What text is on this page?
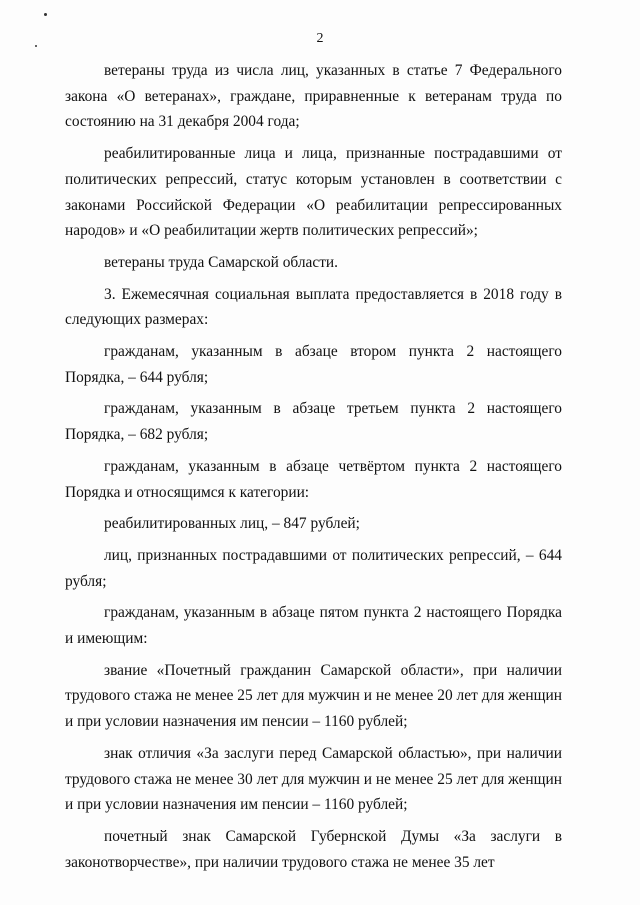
2

ветераны труда из числа лиц, указанных в статье 7 Федерального закона «О ветеранах», граждане, приравненные к ветеранам труда по состоянию на 31 декабря 2004 года;

реабилитированные лица и лица, признанные пострадавшими от политических репрессий, статус которым установлен в соответствии с законами Российской Федерации «О реабилитации репрессированных народов» и «О реабилитации жертв политических репрессий»;

ветераны труда Самарской области.

3. Ежемесячная социальная выплата предоставляется в 2018 году в следующих размерах:

гражданам, указанным в абзаце втором пункта 2 настоящего Порядка, – 644 рубля;

гражданам, указанным в абзаце третьем пункта 2 настоящего Порядка, – 682 рубля;

гражданам, указанным в абзаце четвёртом пункта 2 настоящего Порядка и относящимся к категории:

реабилитированных лиц, – 847 рублей;

лиц, признанных пострадавшими от политических репрессий, – 644 рубля;

гражданам, указанным в абзаце пятом пункта 2 настоящего Порядка и имеющим:

звание «Почетный гражданин Самарской области», при наличии трудового стажа не менее 25 лет для мужчин и не менее 20 лет для женщин и при условии назначения им пенсии – 1160 рублей;

знак отличия «За заслуги перед Самарской областью», при наличии трудового стажа не менее 30 лет для мужчин и не менее 25 лет для женщин и при условии назначения им пенсии – 1160 рублей;

почетный знак Самарской Губернской Думы «За заслуги в законотворчестве», при наличии трудового стажа не менее 35 лет
